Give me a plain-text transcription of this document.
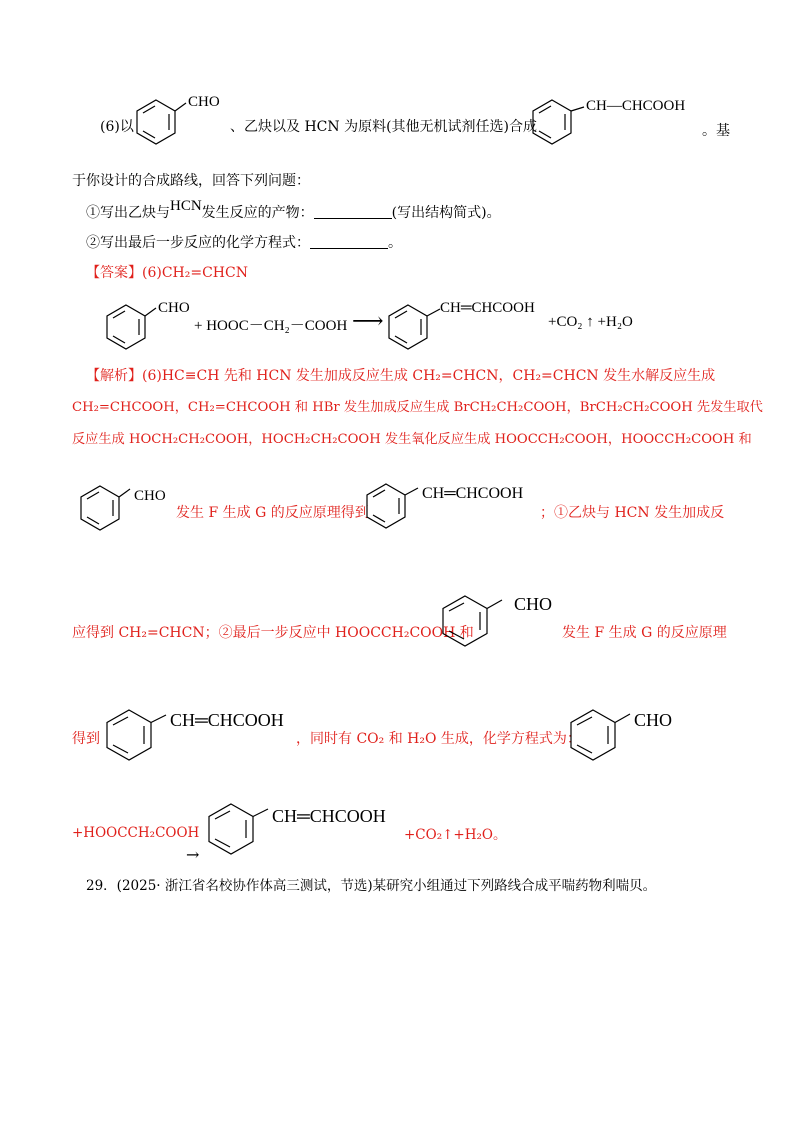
(6)以
CHO
、乙炔以及 HCN 为原料(其他无机试剂任选)合成
CH—CHCOOH
。基
于你设计的合成路线，回答下列问题：
①写出乙炔与HCN发生反应的产物：	(写出结构简式)。
②写出最后一步反应的化学方程式：	。
【答案】(6)CH₂=CHCN
CHO
+ HOOC－CH₂－COOH ⟶	CH═CHCOOH
+CO₂ ↑ +H₂O
【解析】(6)HC≡CH 先和 HCN 发生加成反应生成 CH₂=CHCN，CH₂=CHCN 发生水解反应生成
CH₂=CHCOOH，CH₂=CHCOOH 和 HBr 发生加成反应生成 BrCH₂CH₂COOH，BrCH₂CH₂COOH 先发生取代
反应生成 HOCH₂CH₂COOH，HOCH₂CH₂COOH 发生氧化反应生成 HOOCCH₂COOH，HOOCCH₂COOH 和
CHO
发生 F 生成 G 的反应原理得到
CH═CHCOOH
；①乙炔与 HCN 发生加成反
应得到 CH₂=CHCN；②最后一步反应中 HOOCCH₂COOH 和
CHO
发生 F 生成 G 的反应原理
得到
CH═CHCOOH
，同时有 CO₂ 和 H₂O 生成，化学方程式为：
CHO
+HOOCCH₂COOH
→
CH═CHCOOH
+CO₂↑+H₂O。
29．(2025· 浙江省名校协作体高三测试，节选)某研究小组通过下列路线合成平喘药物利喘贝。
